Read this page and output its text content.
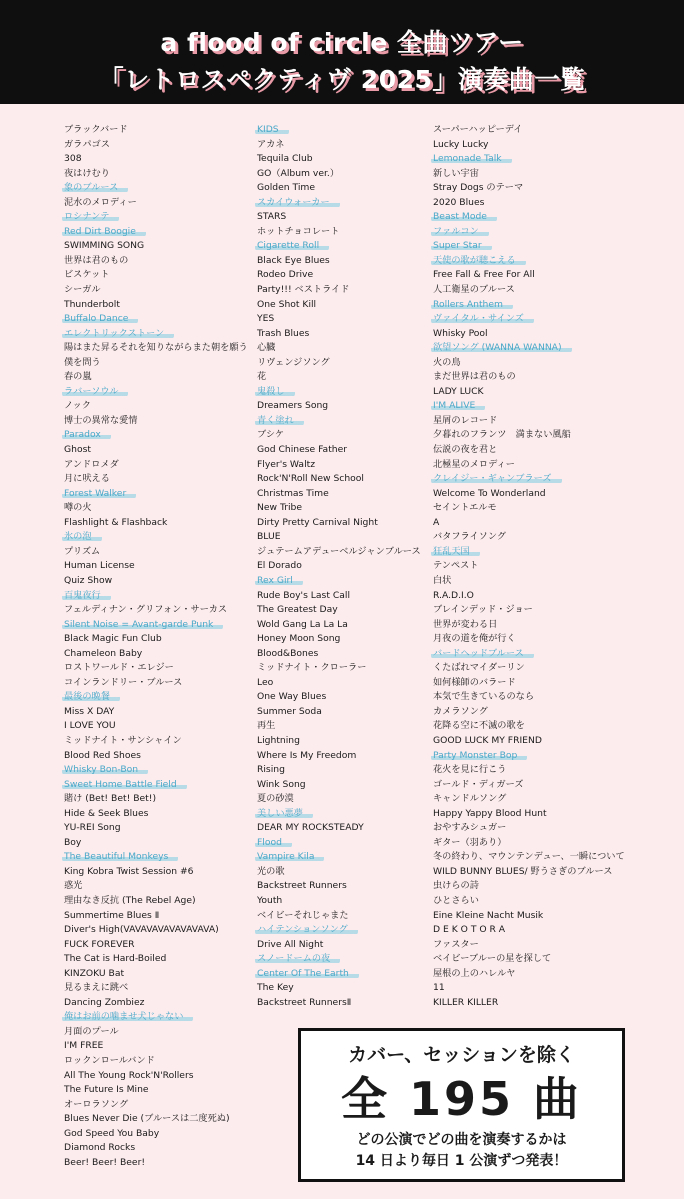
a flood of circle 全曲ツアー
「レトロスペクティヴ 2025」演奏曲一覧
ブラックバード
ガラパゴス
308
夜はけむり
象のブルース
泥水のメロディー
ロシナンテ
Red Dirt Boogie
SWIMMING SONG
世界は君のもの
ビスケット
シーガル
Thunderbolt
Buffalo Dance
エレクトリックストーン
陽はまた昇るそれを知りながらまた朝を願う
僕を問う
春の嵐
ラバーソウル
ノック
博士の異常な愛情
Paradox
Ghost
アンドロメダ
月に吠える
Forest Walker
噂の火
Flashlight & Flashback
氷の泡
プリズム
Human License
Quiz Show
百鬼夜行
フェルディナン・グリフォン・サーカス
Silent Noise = Avant-garde Punk
Black Magic Fun Club
Chameleon Baby
ロストワールド・エレジー
コインランドリー・ブルース
最後の晩餐
Miss X DAY
I LOVE YOU
ミッドナイト・サンシャイン
Blood Red Shoes
Whisky Bon-Bon
Sweet Home Battle Field
賭け (Bet! Bet! Bet!)
Hide & Seek Blues
YU-REI Song
Boy
The Beautiful Monkeys
King Kobra Twist Session #6
惑光
理由なき反抗 (The Rebel Age)
Summertime Blues Ⅱ
Diver's High(VAVAVAVAVAVAVAVA)
FUCK FOREVER
The Cat is Hard-Boiled
KINZOKU Bat
見るまえに跳べ
Dancing Zombiez
俺はお前の噛ませ犬じゃない
月面のプール
I'M FREE
ロックンロールバンド
All The Young Rock'N'Rollers
The Future Is Mine
オーロラソング
Blues Never Die (ブルースは二度死ぬ)
God Speed You Baby
Diamond Rocks
Beer! Beer! Beer!
KIDS
アカネ
Tequila Club
GO（Album ver.）
Golden Time
スカイウォーカー
STARS
ホットチョコレート
Cigarette Roll
Black Eye Blues
Rodeo Drive
Party!!! ベストライド
One Shot Kill
YES
Trash Blues
心臓
リヴェンジソング
花
鬼殺し
Dreamers Song
青く塗れ
ブシケ
God Chinese Father
Flyer's Waltz
Rock'N'Roll New School
Christmas Time
New Tribe
Dirty Pretty Carnival Night
BLUE
ジュテームアデューベルジャンブルース
El Dorado
Rex Girl
Rude Boy's Last Call
The Greatest Day
Wold Gang La La La
Honey Moon Song
Blood&Bones
ミッドナイト・クローラー
Leo
One Way Blues
Summer Soda
再生
Lightning
Where Is My Freedom
Rising
Wink Song
夏の砂漠
美しい悪夢
DEAR MY ROCKSTEADY
Flood
Vampire Kila
光の歌
Backstreet Runners
Youth
ベイビーそれじゃまた
ハイテンションソング
Drive All Night
スノードームの夜
Center Of The Earth
The Key
Backstreet RunnersⅡ
スーパーハッピーデイ
Lucky Lucky
Lemonade Talk
新しい宇宙
Stray Dogs のテーマ
2020 Blues
Beast Mode
ファルコン
Super Star
天使の歌が聴こえる
Free Fall & Free For All
人工衛星のブルース
Rollers Anthem
ヴァイタル・サインズ
Whisky Pool
欲望ソング (WANNA WANNA)
火の鳥
まだ世界は君のもの
LADY LUCK
I'M ALIVE
星屑のレコード
夕暮れのフランツ　満まない風船
伝説の夜を君と
北極星のメロディー
クレイジー・ギャンブラーズ
Welcome To Wonderland
セイントエルモ
A
バタフライソング
狂乱天国
テンペスト
白状
R.A.D.I.O
ブレインデッド・ジョー
世界が変わる日
月夜の道を俺が行く
バードヘッドブルース
くたばれマイダーリン
如何様師のバラード
本気で生きているのなら
カメラソング
花降る空に不滅の歌を
GOOD LUCK MY FRIEND
Party Monster Bop
花火を見に行こう
ゴールド・ディガーズ
キャンドルソング
Happy Yappy Blood Hunt
おやすみシュガー
ギター（羽あり）
冬の終わり、マウンテンデュー、一瞬について
WILD BUNNY BLUES/ 野うさぎのブルース
虫けらの詩
ひとさらい
Eine Kleine Nacht Musik
D E K O T O R A
ファスター
ベイビーブルーの星を探して
屋根の上のハレルヤ
11
KILLER KILLER
カバー、セッションを除く
全 195 曲
どの公演でどの曲を演奏するかは
14 日より毎日 1 公演ずつ発表！
